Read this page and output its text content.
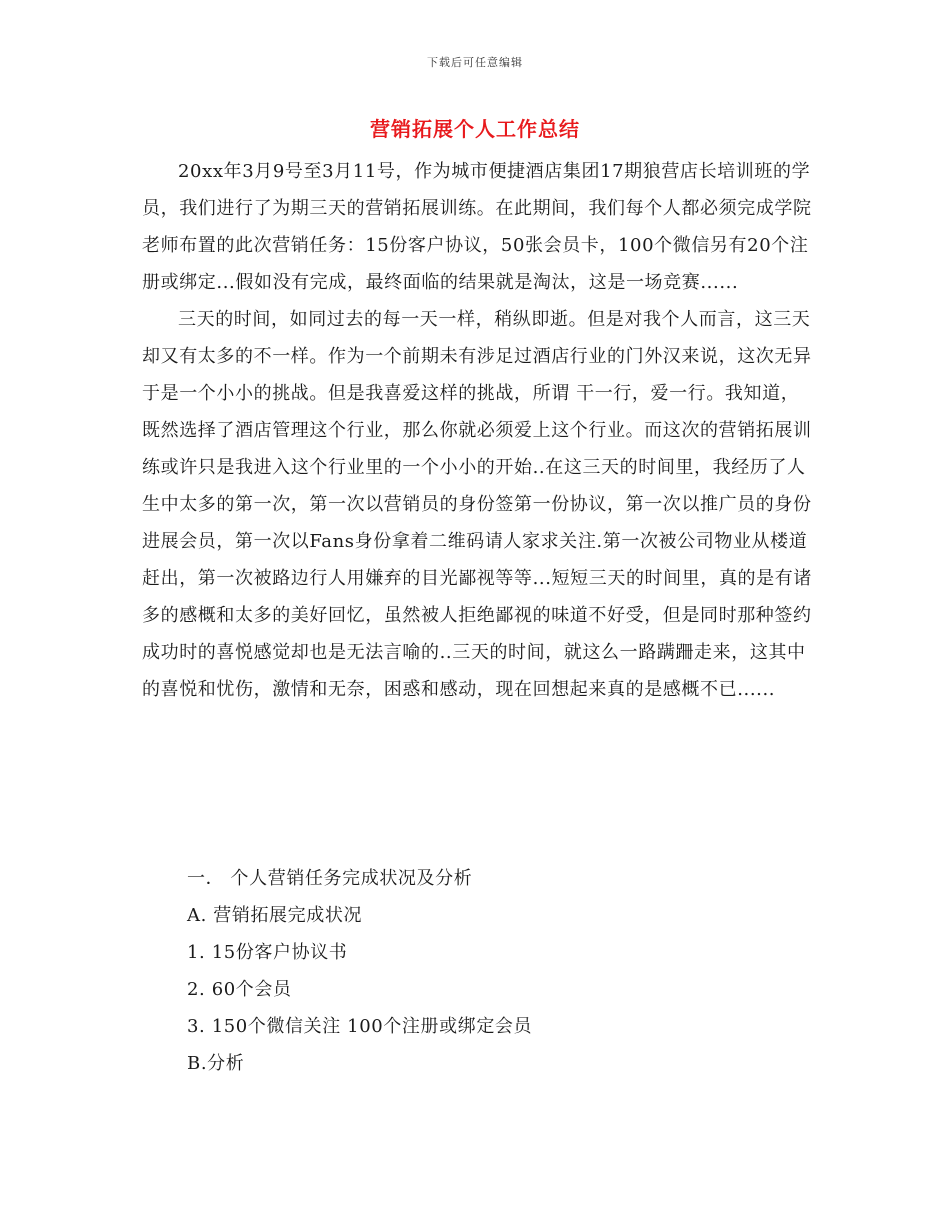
下载后可任意编辑
营销拓展个人工作总结

20xx年3月9号至3月11号，作为城市便捷酒店集团17期狼营店长培训班的学员，我们进行了为期三天的营销拓展训练。在此期间，我们每个人都必须完成学院老师布置的此次营销任务：15份客户协议，50张会员卡，100个微信另有20个注册或绑定...假如没有完成，最终面临的结果就是淘汰，这是一场竞赛......

三天的时间，如同过去的每一天一样，稍纵即逝。但是对我个人而言，这三天却又有太多的不一样。作为一个前期未有涉足过酒店行业的门外汉来说，这次无异于是一个小小的挑战。但是我喜爱这样的挑战，所谓 干一行，爱一行。我知道，既然选择了酒店管理这个行业，那么你就必须爱上这个行业。而这次的营销拓展训练或许只是我进入这个行业里的一个小小的开始..在这三天的时间里，我经历了人生中太多的第一次，第一次以营销员的身份签第一份协议，第一次以推广员的身份进展会员，第一次以Fans身份拿着二维码请人家求关注.第一次被公司物业从楼道赶出，第一次被路边行人用嫌弃的目光鄙视等等...短短三天的时间里，真的是有诸多的感概和太多的美好回忆，虽然被人拒绝鄙视的味道不好受，但是同时那种签约成功时的喜悦感觉却也是无法言喻的..三天的时间，就这么一路蹒跚走来，这其中的喜悦和忧伤，激情和无奈，困惑和感动，现在回想起来真的是感概不已......

一． 个人营销任务完成状况及分析
A. 营销拓展完成状况
1. 15份客户协议书
2. 60个会员
3. 150个微信关注 100个注册或绑定会员
B.分析
